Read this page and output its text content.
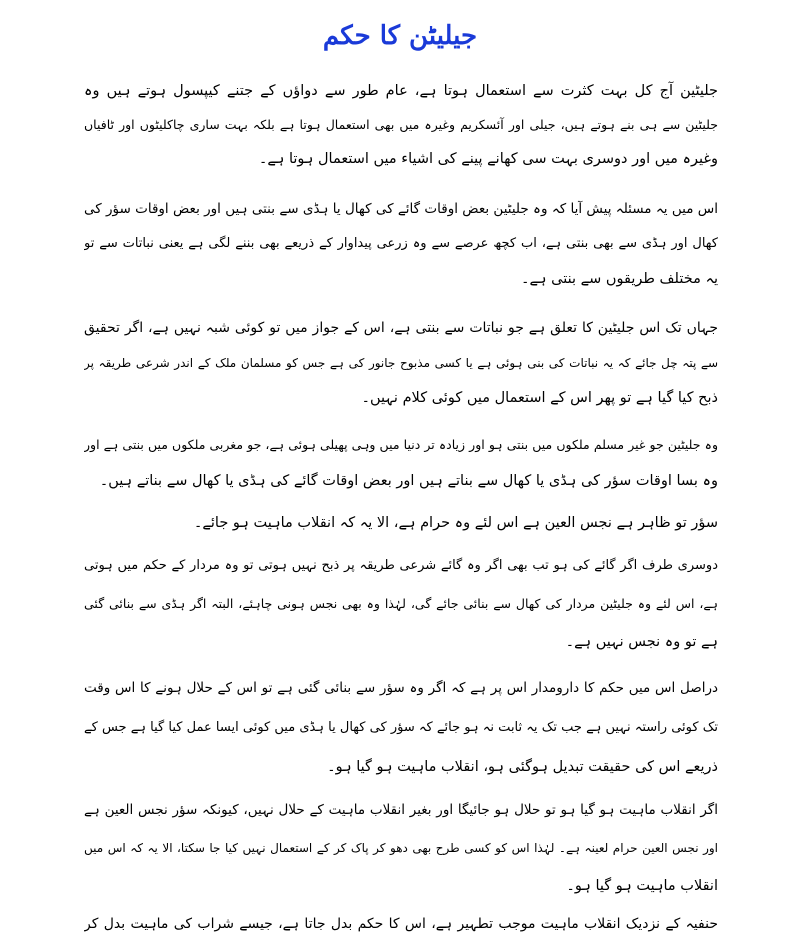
جیلیٹن کا حکم
جلیٹین آج کل بہت کثرت سے استعمال ہوتا ہے، عام طور سے دواؤں کے جتنے کیپسول ہوتے ہیں وہ
جلیٹین سے ہی بنے ہوتے ہیں، جیلی اور آئسکریم وغیرہ میں بھی استعمال ہوتا ہے بلکہ بہت ساری چاکلیٹوں اور ٹافیاں
وغیرہ میں اور دوسری بہت سی کھانے پینے کی اشیاء میں استعمال ہوتا ہے۔
اس میں یہ مسئلہ پیش آیا کہ وہ جلیٹین بعض اوقات گائے کی کھال یا ہڈی سے بنتی ہیں اور بعض اوقات سؤر کی
کھال اور ہڈی سے بھی بنتی ہے، اب کچھ عرصے سے وہ زرعی پیداوار کے ذریعے بھی بننے لگی ہے یعنی نباتات سے تو
یہ مختلف طریقوں سے بنتی ہے۔
جہاں تک اس جلیٹین کا تعلق ہے جو نباتات سے بنتی ہے، اس کے جواز میں تو کوئی شبہ نہیں ہے، اگر تحقیق
سے پتہ چل جائے کہ یہ نباتات کی بنی ہوئی ہے یا کسی مذبوح جانور کی ہے جس کو مسلمان ملک کے اندر شرعی طریقہ پر
ذبح کیا گیا ہے تو پھر اس کے استعمال میں کوئی کلام نہیں۔
وہ جلیٹین جو غیر مسلم ملکوں میں بنتی ہو اور زیادہ تر دنیا میں وہی پھیلی ہوئی ہے، جو مغربی ملکوں میں بنتی ہے اور
وہ بسا اوقات سؤر کی ہڈی یا کھال سے بناتے ہیں اور بعض اوقات گائے کی ہڈی یا کھال سے بناتے ہیں۔
سؤر تو ظاہر ہے نجس العین ہے اس لئے وہ حرام ہے، الا یہ کہ انقلاب ماہیت ہو جائے۔
دوسری طرف اگر گائے کی ہو تب بھی اگر وہ گائے شرعی طریقہ پر ذبح نہیں ہوتی تو وہ مردار کے حکم میں ہوتی
ہے، اس لئے وہ جلیٹین مردار کی کھال سے بنائی جائے گی، لہٰذا وہ بھی نجس ہونی چاہئے، البتہ اگر ہڈی سے بنائی گئی
ہے تو وہ نجس نہیں ہے۔
دراصل اس میں حکم کا دارومدار اس پر ہے کہ اگر وہ سؤر سے بنائی گئی ہے تو اس کے حلال ہونے کا اس وقت
تک کوئی راستہ نہیں ہے جب تک یہ ثابت نہ ہو جائے کہ سؤر کی کھال یا ہڈی میں کوئی ایسا عمل کیا گیا ہے جس کے
ذریعے اس کی حقیقت تبدیل ہوگئی ہو، انقلاب ماہیت ہو گیا ہو۔
اگر انقلاب ماہیت ہو گیا ہو تو حلال ہو جائیگا اور بغیر انقلاب ماہیت کے حلال نہیں، کیونکہ سؤر نجس العین ہے
اور نجس العین حرام لعینہ ہے۔ لہٰذا اس کو کسی طرح بھی دھو کر پاک کر کے استعمال نہیں کیا جا سکتا، الا یہ کہ اس میں
انقلاب ماہیت ہو گیا ہو۔
حنفیہ کے نزدیک انقلاب ماہیت موجب تطہیر ہے، اس کا حکم بدل جاتا ہے، جیسے شراب کی ماہیت بدل کر
